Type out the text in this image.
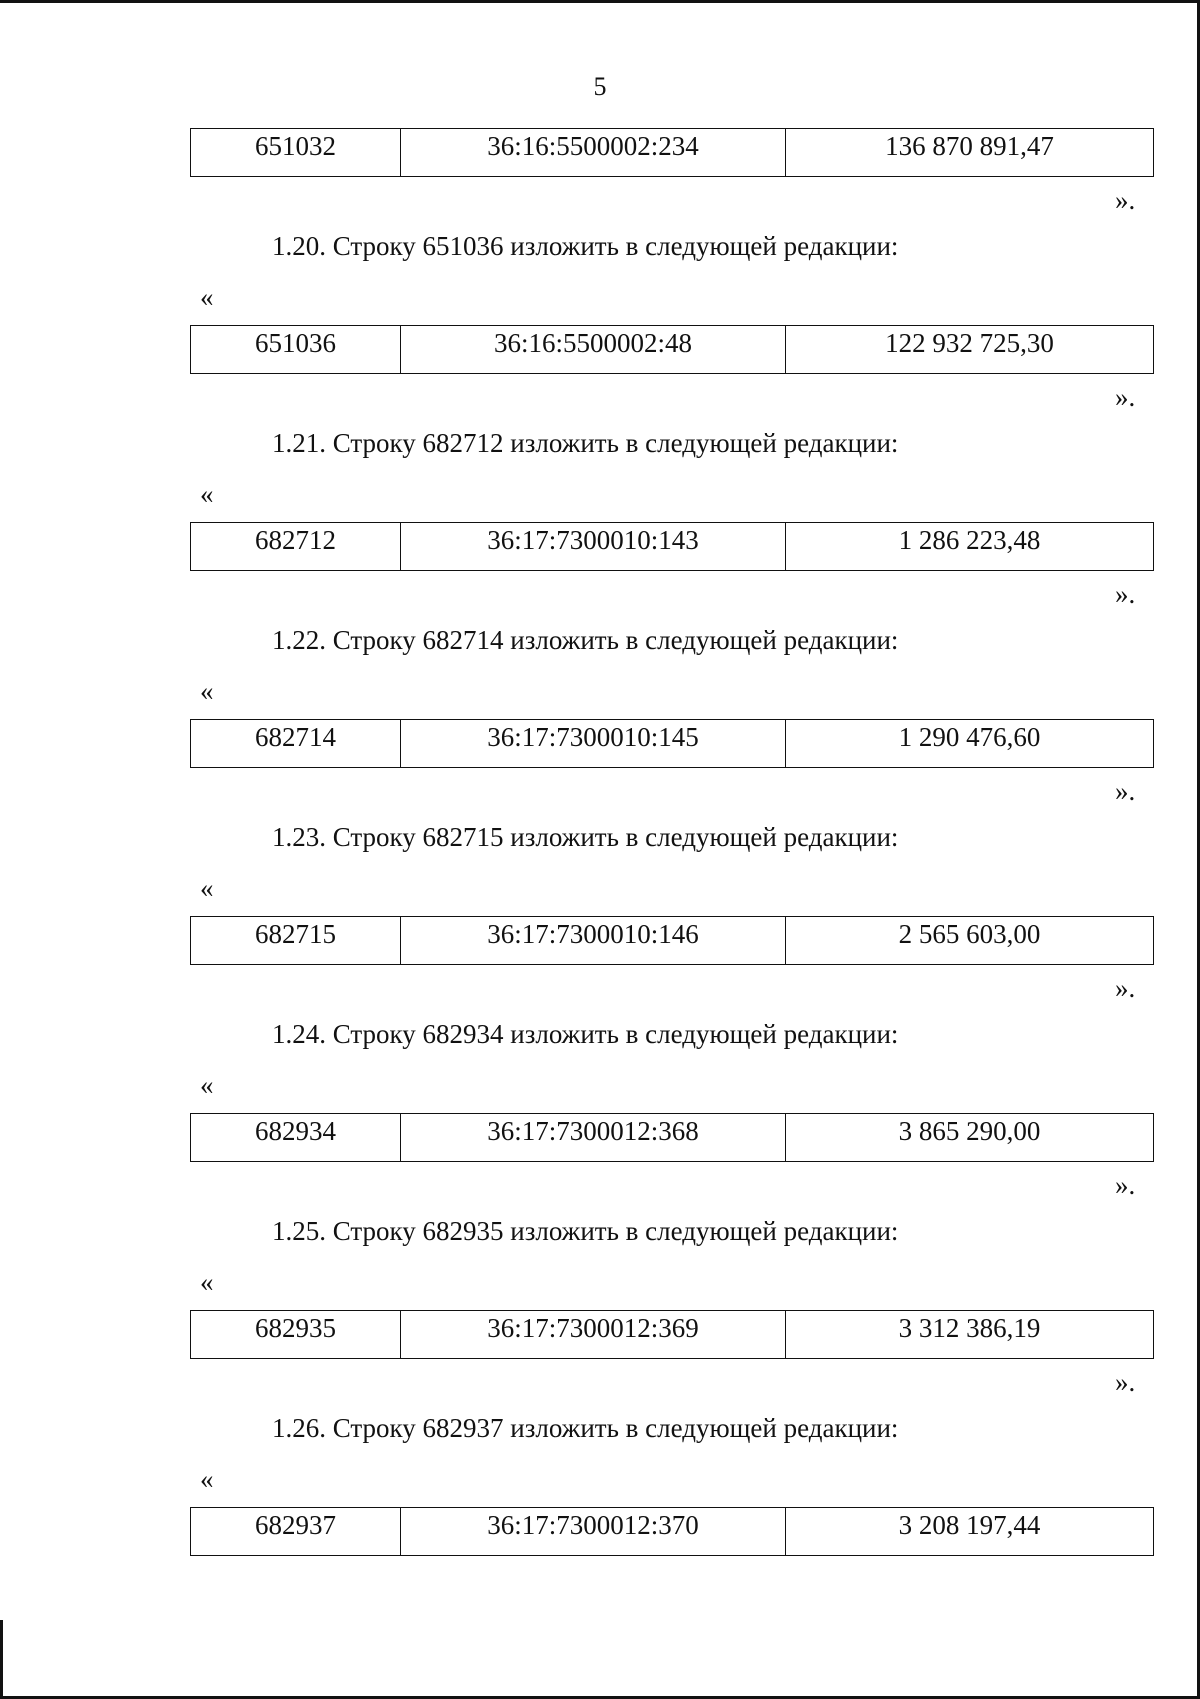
5
651032	36:16:5500002:234	136 870 891,47
».
1.20. Строку 651036 изложить в следующей редакции:
«
651036	36:16:5500002:48	122 932 725,30
».
1.21. Строку 682712 изложить в следующей редакции:
«
682712	36:17:7300010:143	1 286 223,48
».
1.22. Строку 682714 изложить в следующей редакции:
«
682714	36:17:7300010:145	1 290 476,60
».
1.23. Строку 682715 изложить в следующей редакции:
«
682715	36:17:7300010:146	2 565 603,00
».
1.24. Строку 682934 изложить в следующей редакции:
«
682934	36:17:7300012:368	3 865 290,00
».
1.25. Строку 682935 изложить в следующей редакции:
«
682935	36:17:7300012:369	3 312 386,19
».
1.26. Строку 682937 изложить в следующей редакции:
«
682937	36:17:7300012:370	3 208 197,44
